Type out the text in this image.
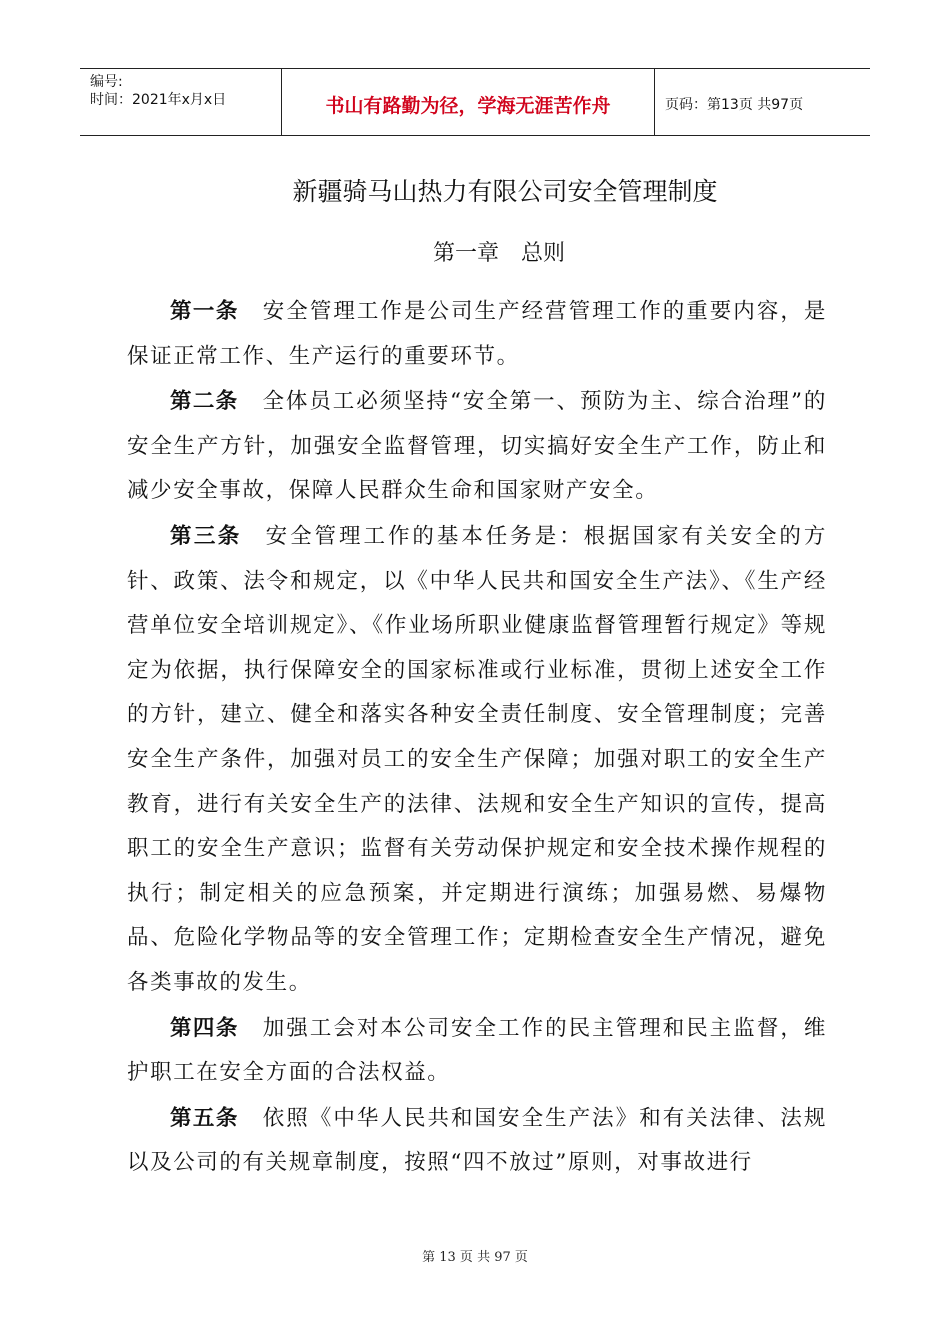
编号:
时间：2021年x月x日	书山有路勤为径，学海无涯苦作舟	页码：第13页 共97页
新疆骑马山热力有限公司安全管理制度
第一章 总则

第一条 安全管理工作是公司生产经营管理工作的重要内容，是保证正常工作、生产运行的重要环节。

第二条 全体员工必须坚持“安全第一、预防为主、综合治理”的安全生产方针，加强安全监督管理，切实搞好安全生产工作，防止和减少安全事故，保障人民群众生命和国家财产安全。

第三条 安全管理工作的基本任务是：根据国家有关安全的方针、政策、法令和规定，以《中华人民共和国安全生产法》、《生产经营单位安全培训规定》、《作业场所职业健康监督管理暂行规定》等规定为依据，执行保障安全的国家标准或行业标准，贯彻上述安全工作的方针，建立、健全和落实各种安全责任制度、安全管理制度；完善安全生产条件，加强对员工的安全生产保障；加强对职工的安全生产教育，进行有关安全生产的法律、法规和安全生产知识的宣传，提高职工的安全生产意识；监督有关劳动保护规定和安全技术操作规程的执行；制定相关的应急预案，并定期进行演练；加强易燃、易爆物品、危险化学物品等的安全管理工作；定期检查安全生产情况，避免各类事故的发生。

第四条 加强工会对本公司安全工作的民主管理和民主监督，维护职工在安全方面的合法权益。

第五条 依照《中华人民共和国安全生产法》和有关法律、法规以及公司的有关规章制度，按照“四不放过”原则，对事故进行

第 13 页 共 97 页
